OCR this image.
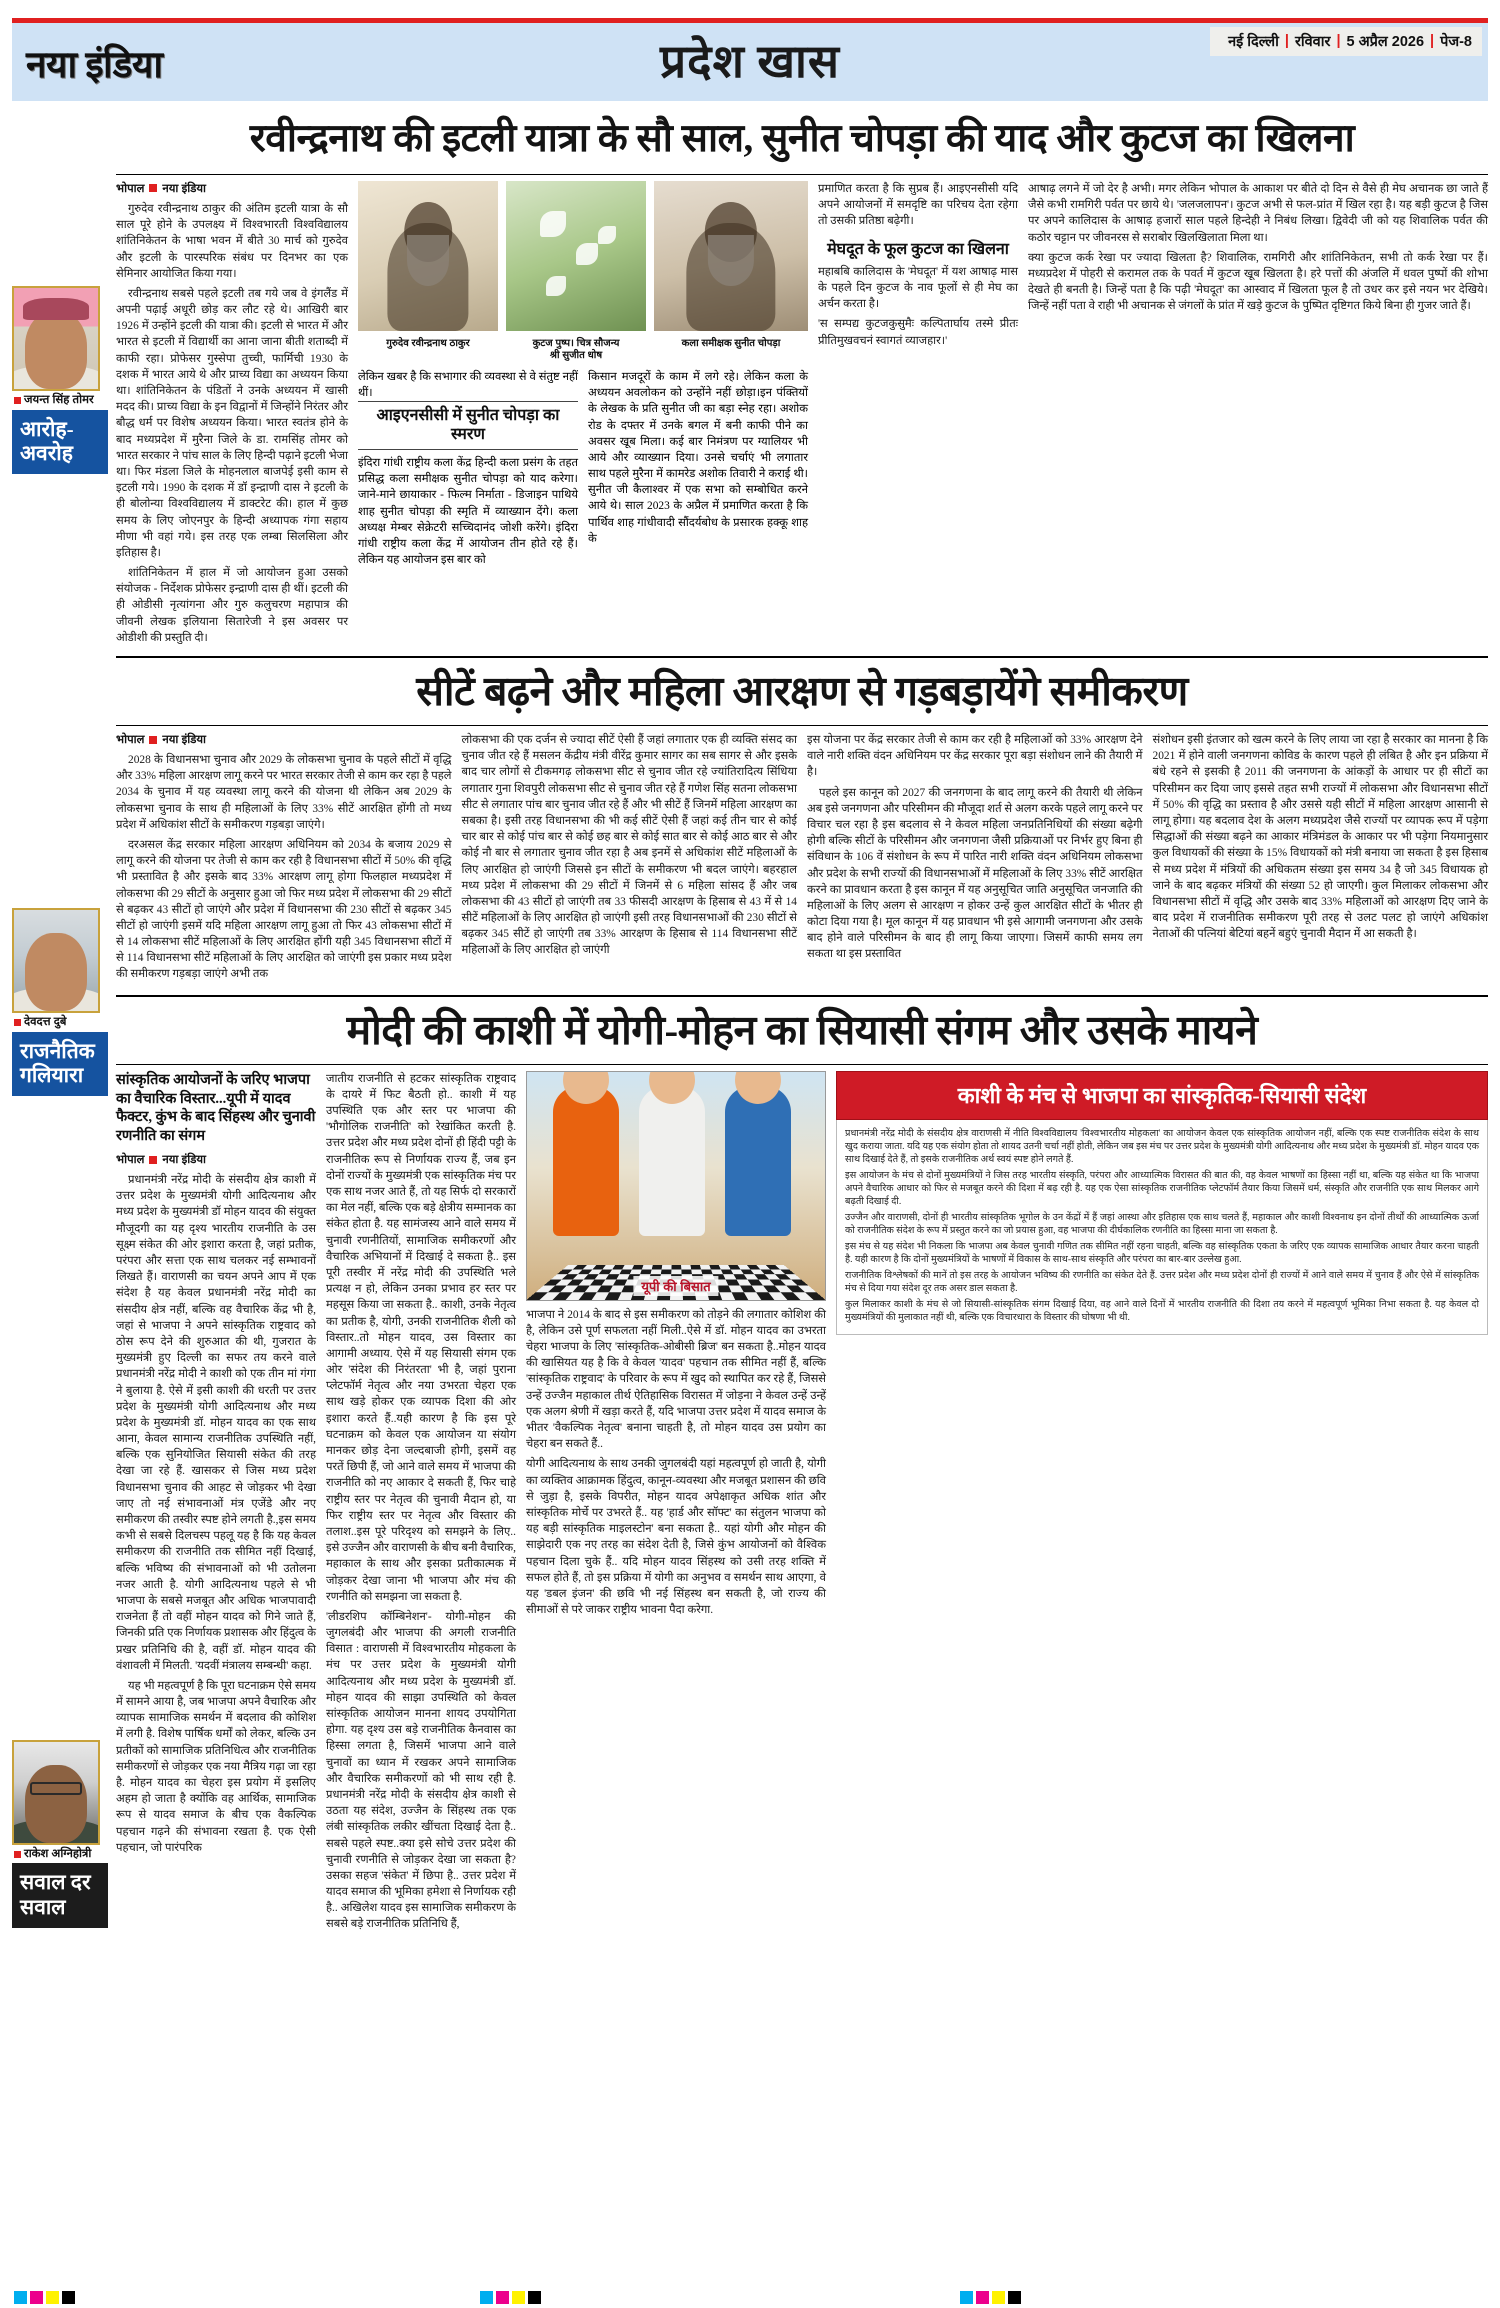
नया इंडिया	प्रदेश खास	नई दिल्ली | रविवार | 5 अप्रैल 2026 | पेज-8
जयन्त सिंह तोमर
आरोह-
अवरोह
देवदत्त दुबे
राजनैतिक
गलियारा
राकेश अग्निहोत्री
सवाल दर
सवाल
रवीन्द्रनाथ की इटली यात्रा के सौ साल, सुनीत चोपड़ा की याद और कुटज का खिलना
भोपाल नया इंडिया

गुरुदेव रवीन्द्रनाथ ठाकुर की अंतिम इटली यात्रा के सौ साल पूरे होने के उपलक्ष्य में विश्वभारती विश्वविद्यालय शांतिनिकेतन के भाषा भवन में बीते 30 मार्च को गुरुदेव और इटली के पारस्परिक संबंध पर दिनभर का एक सेमिनार आयोजित किया गया।

रवीन्द्रनाथ सबसे पहले इटली तब गये जब वे इंगलैंड में अपनी पढ़ाई अधूरी छोड़ कर लौट रहे थे। आखिरी बार 1926 में उन्होंने इटली की यात्रा की। इटली से भारत में और भारत से इटली में विद्यार्थी का आना जाना बीती शताब्दी में काफी रहा। प्रोफेसर गुस्सेपा तुच्ची, फार्मिची 1930 के दशक में भारत आये थे और प्राच्य विद्या का अध्ययन किया था। शांतिनिकेतन के पंडितों ने उनके अध्ययन में खासी मदद की। प्राच्य विद्या के इन विद्वानों में जिन्होंने निरंतर और बौद्ध धर्म पर विशेष अध्ययन किया। भारत स्वतंत्र होने के बाद मध्यप्रदेश में मुरैना जिले के डा. रामसिंह तोमर को भारत सरकार ने पांच साल के लिए हिन्दी पढ़ाने इटली भेजा था। फिर मंडला जिले के मोहनलाल बाजपेई इसी काम से इटली गये। 1990 के दशक में डॉ इन्द्राणी दास ने इटली के ही बोलोन्या विश्वविद्यालय में डाक्टरेट की। हाल में कुछ समय के लिए जोएनपुर के हिन्दी अध्यापक गंगा सहाय मीणा भी वहां गये। इस तरह एक लम्बा सिलसिला और इतिहास है।

शांतिनिकेतन में हाल में जो आयोजन हुआ उसको संयोजक - निर्देशक प्रोफेसर इन्द्राणी दास ही थीं। इटली की ही ओडीसी नृत्यांगना और गुरु कलुचरण महापात्र की जीवनी लेखक इलियाना सितारेजी ने इस अवसर पर ओडीशी की प्रस्तुति दी।

गुरुदेव रवीन्द्रनाथ ठाकुर	कुटज पुष्प। चित्र सौजन्य
श्री सुजीत धोष
कला समीक्षक सुनीत चोपड़ा

लेकिन खबर है कि सभागार की व्यवस्था से वे संतुष्ट नहीं थीं।

आइएनसीसी में सुनीत चोपड़ा का स्मरण

इंदिरा गांधी राष्ट्रीय कला केंद्र हिन्दी कला प्रसंग के तहत प्रसिद्ध कला समीक्षक सुनीत चोपड़ा को याद करेगा। जाने-माने छायाकार - फिल्म निर्माता - डिजाइन पाथिये शाह सुनीत चोपड़ा की स्मृति में व्याख्यान देंगे। कला अध्यक्ष मेम्बर सेक्रेटरी सच्चिदानंद जोशी करेंगे। इंदिरा गांधी राष्ट्रीय कला केंद्र में आयोजन तीन होते रहे हैं। लेकिन यह आयोजन इस बार को

किसान मजदूरों के काम में लगे रहे। लेकिन कला के अध्ययन अवलोकन को उन्होंने नहीं छोड़ा।इन पंक्तियों के लेखक के प्रति सुनीत जी का बड़ा स्नेह रहा। अशोक रोड के दफ्तर में उनके बगल में बनी काफी पीने का अवसर खूब मिला। कई बार निमंत्रण पर ग्यालियर भी आये और व्याख्यान दिया। उनसे चर्चाएं भी लगातार साथ पहले मुरैना में कामरेड अशोक तिवारी ने कराई थी। सुनीत जी कैलाश्वर में एक सभा को सम्बोधित करने आये थे। साल 2023 के अप्रैल में प्रमाणित करता है कि पार्थिव शाह गांधीवादी सौंदर्यबोध के प्रसारक हक्कू शाह के

प्रमाणित करता है कि सुप्रब हैं। आइएनसीसी यदि अपने आयोजनों में समदृष्टि का परिचय देता रहेगा तो उसकी प्रतिष्ठा बढ़ेगी।

मेघदूत के फूल कुटज का खिलना

महाबबि कालिदास के 'मेघदूत' में यश आषाढ़ मास के पहले दिन कुटज के नाव फूलों से ही मेघ का अर्चन करता है।

'स सम्पद्य कुटजकुसुमैः कल्पितार्घाय तस्मे प्रीतः प्रीतिमुखवचनं स्वागतं व्याजहार।'

आषाढ़ लगने में जो देर है अभी। मगर लेकिन भोपाल के आकाश पर बीते दो दिन से वैसे ही मेघ अचानक छा जाते हैं जैसे कभी रामगिरी पर्वत पर छाये थे। 'जलजलापन'। कुटज अभी से फल-प्रांत में खिल रहा है। यह बड़ी कुटज है जिस पर अपने कालिदास के आषाढ़ हजारों साल पहले हिन्देही ने निबंध लिखा। द्विवेदी जी को यह शिवालिक पर्वत की कठोर चट्टान पर जीवनरस से सराबोर खिलखिलाता मिला था।

क्या कुटज कर्क रेखा पर ज्यादा खिलता है? शिवालिक, रामगिरी और शांतिनिकेतन, सभी तो कर्क रेखा पर हैं। मध्यप्रदेश में पोहरी से करामल तक के पवर्त में कुटज खूब खिलता है। हरे पत्तों की अंजलि में धवल पुष्पों की शोभा देखते ही बनती है। जिन्हें पता है कि पढ़ी 'मेघदूत' का आस्वाद में खिलता फूल है तो उधर कर इसे नयन भर देखिये। जिन्हें नहीं पता वे राही भी अचानक से जंगलों के प्रांत में खड़े कुटज के पुष्पित दृष्टिगत किये बिना ही गुजर जाते हैं।

सीटें बढ़ने और महिला आरक्षण से गड़बड़ायेंगे समीकरण
भोपाल नया इंडिया

2028 के विधानसभा चुनाव और 2029 के लोकसभा चुनाव के पहले सीटों में वृद्धि और 33% महिला आरक्षण लागू करने पर भारत सरकार तेजी से काम कर रहा है पहले 2034 के चुनाव में यह व्यवस्था लागू करने की योजना थी लेकिन अब 2029 के लोकसभा चुनाव के साथ ही महिलाओं के लिए 33% सीटें आरक्षित होंगी तो मध्य प्रदेश में अधिकांश सीटों के समीकरण गड़बड़ा जाएंगे।

दरअसल केंद्र सरकार महिला आरक्षण अधिनियम को 2034 के बजाय 2029 से लागू करने की योजना पर तेजी से काम कर रही है विधानसभा सीटों में 50% की वृद्धि भी प्रस्तावित है और इसके बाद 33% आरक्षण लागू होगा फिलहाल मध्यप्रदेश में लोकसभा की 29 सीटों के अनुसार हुआ जो फिर मध्य प्रदेश में लोकसभा की 29 सीटों से बढ़कर 43 सीटों हो जाएंगे और प्रदेश में विधानसभा की 230 सीटों से बढ़कर 345 सीटों हो जाएंगी इसमें यदि महिला आरक्षण लागू हुआ तो फिर 43 लोकसभा सीटों में से 14 लोकसभा सीटें महिलाओं के लिए आरक्षित होंगी यही 345 विधानसभा सीटों में से 114 विधानसभा सीटें महिलाओं के लिए आरक्षित को जाएंगी इस प्रकार मध्य प्रदेश की समीकरण गड़बड़ा जाएंगे अभी तक

लोकसभा की एक दर्जन से ज्यादा सीटें ऐसी हैं जहां लगातार एक ही व्यक्ति संसद का चुनाव जीत रहे हैं मसलन केंद्रीय मंत्री वीरेंद्र कुमार सागर का सब सागर से और इसके बाद चार लोगों से टीकमगढ़ लोकसभा सीट से चुनाव जीत रहे ज्यांतिरादित्य सिंधिया लगातार गुना शिवपुरी लोकसभा सीट से चुनाव जीत रहे हैं गणेश सिंह सतना लोकसभा सीट से लगातार पांच बार चुनाव जीत रहे हैं और भी सीटें हैं जिनमें महिला आरक्षण का सबका है। इसी तरह विधानसभा की भी कई सीटें ऐसी हैं जहां कई तीन चार से कोई चार बार से कोई पांच बार से कोई छह बार से कोई सात बार से कोई आठ बार से और कोई नौ बार से लगातार चुनाव जीत रहा है अब इनमें से अधिकांश सीटें महिलाओं के लिए आरक्षित हो जाएंगी जिससे इन सीटों के समीकरण भी बदल जाएंगे। बहरहाल मध्य प्रदेश में लोकसभा की 29 सीटों में जिनमें से 6 महिला सांसद हैं और जब लोकसभा की 43 सीटों हो जाएंगी तब 33 फीसदी आरक्षण के हिसाब से 43 में से 14 सीटें महिलाओं के लिए आरक्षित हो जाएंगी इसी तरह विधानसभाओं की 230 सीटों से बढ़कर 345 सीटें हो जाएंगी तब 33% आरक्षण के हिसाब से 114 विधानसभा सीटें महिलाओं के लिए आरक्षित हो जाएंगी

इस योजना पर केंद्र सरकार तेजी से काम कर रही है महिलाओं को 33% आरक्षण देने वाले नारी शक्ति वंदन अधिनियम पर केंद्र सरकार पूरा बड़ा संशोधन लाने की तैयारी में है।

पहले इस कानून को 2027 की जनगणना के बाद लागू करने की तैयारी थी लेकिन अब इसे जनगणना और परिसीमन की मौजूदा शर्त से अलग करके पहले लागू करने पर विचार चल रहा है इस बदलाव से ने केवल महिला जनप्रतिनिधियों की संख्या बढ़ेगी होगी बल्कि सीटों के परिसीमन और जनगणना जैसी प्रक्रियाओं पर निर्भर हुए बिना ही संविधान के 106 वें संशोधन के रूप में पारित नारी शक्ति वंदन अधिनियम लोकसभा और प्रदेश के सभी राज्यों की विधानसभाओं में महिलाओं के लिए 33% सीटें आरक्षित करने का प्रावधान करता है इस कानून में यह अनुसूचित जाति अनुसूचित जनजाति की महिलाओं के लिए अलग से आरक्षण न होकर उन्हें कुल आरक्षित सीटों के भीतर ही कोटा दिया गया है। मूल कानून में यह प्रावधान भी इसे आगामी जनगणना और उसके बाद होने वाले परिसीमन के बाद ही लागू किया जाएगा। जिसमें काफी समय लग सकता था इस प्रस्तावित

संशोधन इसी इंतजार को खत्म करने के लिए लाया जा रहा है सरकार का मानना है कि 2021 में होने वाली जनगणना कोविड के कारण पहले ही लंबित है और इन प्रक्रिया में बंधे रहने से इसकी है 2011 की जनगणना के आंकड़ों के आधार पर ही सीटों का परिसीमन कर दिया जाए इससे तहत सभी राज्यों में लोकसभा और विधानसभा सीटों में 50% की वृद्धि का प्रस्ताव है और उससे यही सीटों में महिला आरक्षण आसानी से लागू होगा। यह बदलाव देश के अलग मध्यप्रदेश जैसे राज्यों पर व्यापक रूप में पड़ेगा सिद्धाओं की संख्या बढ़ने का आकार मंत्रिमंडल के आकार पर भी पड़ेगा नियमानुसार कुल विधायकों की संख्या के 15% विधायकों को मंत्री बनाया जा सकता है इस हिसाब से मध्य प्रदेश में मंत्रियों की अधिकतम संख्या इस समय 34 है जो 345 विधायक हो जाने के बाद बढ़कर मंत्रियों की संख्या 52 हो जाएगी। कुल मिलाकर लोकसभा और विधानसभा सीटों में वृद्धि और उसके बाद 33% महिलाओं को आरक्षण दिए जाने के बाद प्रदेश में राजनीतिक समीकरण पूरी तरह से उलट पलट हो जाएंगे अधिकांश नेताओं की पत्नियां बेटियां बहनें बहुएं चुनावी मैदान में आ सकती है।

मोदी की काशी में योगी-मोहन का सियासी संगम और उसके मायने
सांस्कृतिक आयोजनों के जरिए भाजपा का वैचारिक विस्तार...यूपी में यादव फैक्टर, कुंभ के बाद सिंहस्थ और चुनावी रणनीति का संगम
भोपाल नया इंडिया

प्रधानमंत्री नरेंद्र मोदी के संसदीय क्षेत्र काशी में उत्तर प्रदेश के मुख्यमंत्री योगी आदित्यनाथ और मध्य प्रदेश के मुख्यमंत्री डॉ मोहन यादव की संयुक्त मौजूदगी का यह दृश्य भारतीय राजनीति के उस सूक्ष्म संकेत की ओर इशारा करता है, जहां प्रतीक, परंपरा और सत्ता एक साथ चलकर नई सम्भावनों लिखते हैं। वाराणसी का चयन अपने आप में एक संदेश है यह केवल प्रधानमंत्री नरेंद्र मोदी का संसदीय क्षेत्र नहीं, बल्कि वह वैचारिक केंद्र भी है, जहां से भाजपा ने अपने सांस्कृतिक राष्ट्रवाद को ठोस रूप देने की शुरुआत की थी, गुजरात के मुख्यमंत्री हुए दिल्ली का सफर तय करने वाले प्रधानमंत्री नरेंद्र मोदी ने काशी को एक तीन मां गंगा ने बुलाया है. ऐसे में इसी काशी की धरती पर उत्तर प्रदेश के मुख्यमंत्री योगी आदित्यनाथ और मध्य प्रदेश के मुख्यमंत्री डॉ. मोहन यादव का एक साथ आना, केवल सामान्य राजनीतिक उपस्थिति नहीं, बल्कि एक सुनियोजित सियासी संकेत की तरह देखा जा रहे हैं. खासकर से जिस मध्य प्रदेश विधानसभा चुनाव की आहट से जोड़कर भी देखा जाए तो नई संभावनाओं मंत्र एजेंडे और नए समीकरण की तस्वीर स्पष्ट होने लगती है.,इस समय कभी से सबसे दिलचस्प पहलू यह है कि यह केवल समीकरण की राजनीति तक सीमित नहीं दिखाई, बल्कि भविष्य की संभावनाओं को भी उतोलना नजर आती है. योगी आदित्यनाथ पहले से भी भाजपा के सबसे मजबूत और अधिक भाजपावादी राजनेता हैं तो वहीं मोहन यादव को गिने जाते हैं, जिनकी प्रति एक निर्णायक प्रशासक और हिंदुत्व के प्रखर प्रतिनिधि की है, वहीं डॉ. मोहन यादव की वंशावली में मिलती. 'यदवीं मंत्रालय सम्बन्धी' कहा.

यह भी महत्वपूर्ण है कि पूरा घटनाक्रम ऐसे समय में सामने आया है, जब भाजपा अपने वैचारिक और व्यापक सामाजिक समर्थन में बदलाव की कोशिश में लगी है. विशेष पार्षिक धर्मों को लेकर, बल्कि उन प्रतीकों को सामाजिक प्रतिनिधित्व और राजनीतिक समीकरणों से जोड़कर एक नया मैत्रिय गढ़ा जा रहा है. मोहन यादव का चेहरा इस प्रयोग में इसलिए अहम हो जाता है क्योंकि वह आर्थिक, सामाजिक रूप से यादव समाज के बीच एक वैकल्पिक पहचान गढ़ने की संभावना रखता है. एक ऐसी पहचान, जो पारंपरिक

जातीय राजनीति से हटकर सांस्कृतिक राष्ट्रवाद के दायरे में फिट बैठती हो.. काशी में यह उपस्थिति एक और स्तर पर भाजपा की 'भौगोलिक राजनीति' को रेखांकित करती है. उत्तर प्रदेश और मध्य प्रदेश दोनों ही हिंदी पट्टी के राजनीतिक रूप से निर्णायक राज्य हैं, जब इन दोनों राज्यों के मुख्यमंत्री एक सांस्कृतिक मंच पर एक साथ नजर आते हैं, तो यह सिर्फ दो सरकारों का मेल नहीं, बल्कि एक बड़े क्षेत्रीय सम्मानक का संकेत होता है. यह सामंजस्य आने वाले समय में चुनावी रणनीतियों, सामाजिक समीकरणों और वैचारिक अभियानों में दिखाई दे सकता है.. इस पूरी तस्वीर में नरेंद्र मोदी की उपस्थिति भले प्रत्यक्ष न हो, लेकिन उनका प्रभाव हर स्तर पर महसूस किया जा सकता है.. काशी, उनके नेतृत्व का प्रतीक है, योगी, उनकी राजनीतिक शैली को विस्तार..तो मोहन यादव, उस विस्तार का आगामी अध्याय. ऐसे में यह सियासी संगम एक ओर 'संदेश की निरंतरता' भी है, जहां पुराना प्लेटफॉर्म नेतृत्व और नया उभरता चेहरा एक साथ खड़े होकर एक व्यापक दिशा की ओर इशारा करते हैं..यही कारण है कि इस पूरे घटनाक्रम को केवल एक आयोजन या संयोग मानकर छोड़ देना जल्दबाजी होगी, इसमें वह परतें छिपी हैं, जो आने वाले समय में भाजपा की राजनीति को नए आकार दे सकती हैं, फिर चाहे राष्ट्रीय स्तर पर नेतृत्व की चुनावी मैदान हो, या फिर राष्ट्रीय स्तर पर नेतृत्व और विस्तार की तलाश..इस पूरे परिदृश्य को समझने के लिए.. इसे उज्जैन और वाराणसी के बीच बनी वैचारिक, महाकाल के साथ और इसका प्रतीकात्मक में जोड़कर देखा जाना भी भाजपा और मंच की रणनीति को समझना जा सकता है.

'लीडरशिप कॉम्बिनेशन'- योगी-मोहन की जुगलबंदी और भाजपा की अगली राजनीति विसात : वाराणसी में विश्वभारतीय मोहकला के मंच पर उत्तर प्रदेश के मुख्यमंत्री योगी आदित्यनाथ और मध्य प्रदेश के मुख्यमंत्री डॉ. मोहन यादव की साझा उपस्थिति को केवल सांस्कृतिक आयोजन मानना शायद उपयोगिता होगा. यह दृश्य उस बड़े राजनीतिक कैनवास का हिस्सा लगता है, जिसमें भाजपा आने वाले चुनावों का ध्यान में रखकर अपने सामाजिक और वैचारिक समीकरणों को भी साथ रही है. प्रधानमंत्री नरेंद्र मोदी के संसदीय क्षेत्र काशी से उठता यह संदेश, उज्जैन के सिंहस्थ तक एक लंबी सांस्कृतिक लकीर खींचता दिखाई देता है.. सबसे पहले स्पष्ट..क्या इसे सोचे उत्तर प्रदेश की चुनावी रणनीति से जोड़कर देखा जा सकता है? उसका सहज 'संकेत' में छिपा है.. उत्तर प्रदेश में यादव समाज की भूमिका हमेशा से निर्णायक रही है.. अखिलेश यादव इस सामाजिक समीकरण के सबसे बड़े राजनीतिक प्रतिनिधि हैं,

यूपी की बिसात

भाजपा ने 2014 के बाद से इस समीकरण को तोड़ने की लगातार कोशिश की है, लेकिन उसे पूर्ण सफलता नहीं मिली..ऐसे में डॉ. मोहन यादव का उभरता चेहरा भाजपा के लिए 'सांस्कृतिक-ओबीसी ब्रिज' बन सकता है..मोहन यादव की खासियत यह है कि वे केवल 'यादव' पहचान तक सीमित नहीं हैं, बल्कि 'सांस्कृतिक राष्ट्रवाद' के परिवार के रूप में खुद को स्थापित कर रहे हैं, जिससे उन्हें उज्जैन महाकाल तीर्थ ऐतिहासिक विरासत में जोड़ना ने केवल उन्हें उन्हें एक अलग श्रेणी में खड़ा करते हैं, यदि भाजपा उत्तर प्रदेश में यादव समाज के भीतर 'वैकल्पिक नेतृत्व' बनाना चाहती है, तो मोहन यादव उस प्रयोग का चेहरा बन सकते हैं..

योगी आदित्यनाथ के साथ उनकी जुगलबंदी यहां महत्वपूर्ण हो जाती है, योगी का व्यक्तिव आक्रामक हिंदुत्व, कानून-व्यवस्था और मजबूत प्रशासन की छवि से जुड़ा है, इसके विपरीत, मोहन यादव अपेक्षाकृत अधिक शांत और सांस्कृतिक मोर्चे पर उभरते हैं.. यह 'हार्ड और सॉफ्ट' का संतुलन भाजपा को यह बड़ी सांस्कृतिक माइलस्टोन' बना सकता है.. यहां योगी और मोहन की साझेदारी एक नए तरह का संदेश देती है, जिसे कुंभ आयोजनों को वैश्विक पहचान दिला चुके हैं.. यदि मोहन यादव सिंहस्थ को उसी तरह शक्ति में सफल होते हैं, तो इस प्रक्रिया में योगी का अनुभव व समर्थन साथ आएगा, वे यह 'डबल इंजन' की छवि भी नई सिंहस्थ बन सकती है, जो राज्य की सीमाओं से परे जाकर राष्ट्रीय भावना पैदा करेगा.

काशी के मंच से भाजपा का सांस्कृतिक-सियासी संदेश

प्रधानमंत्री नरेंद्र मोदी के संसदीय क्षेत्र वाराणसी में नीति विश्वविद्यालय 'विश्वभारतीय मोहकला' का आयोजन केवल एक सांस्कृतिक आयोजन नहीं, बल्कि एक स्पष्ट राजनीतिक संदेश के साथ खुद कराया जाता. यदि यह एक संयोग होता तो शायद उतनी चर्चा नहीं होती, लेकिन जब इस मंच पर उत्तर प्रदेश के मुख्यमंत्री योगी आदित्यनाथ और मध्य प्रदेश के मुख्यमंत्री डॉ. मोहन यादव एक साथ दिखाई देते हैं, तो इसके राजनीतिक अर्थ स्वयं स्पष्ट होने लगते हैं.

इस आयोजन के मंच से दोनों मुख्यमंत्रियों ने जिस तरह भारतीय संस्कृति, परंपरा और आध्यात्मिक विरासत की बात की, वह केवल भाषणों का हिस्सा नहीं था, बल्कि यह संकेत था कि भाजपा अपने वैचारिक आधार को फिर से मजबूत करने की दिशा में बढ़ रही है. यह एक ऐसा सांस्कृतिक राजनीतिक प्लेटफॉर्म तैयार किया जिसमें धर्म, संस्कृति और राजनीति एक साथ मिलकर आगे बढ़ती दिखाई दी.

उज्जैन और वाराणसी, दोनों ही भारतीय सांस्कृतिक भूगोल के उन केंद्रों में हैं जहां आस्था और इतिहास एक साथ चलते हैं, महाकाल और काशी विश्वनाथ इन दोनों तीर्थों की आध्यात्मिक ऊर्जा को राजनीतिक संदेश के रूप में प्रस्तुत करने का जो प्रयास हुआ, वह भाजपा की दीर्घकालिक रणनीति का हिस्सा माना जा सकता है.

इस मंच से यह संदेश भी निकला कि भाजपा अब केवल चुनावी गणित तक सीमित नहीं रहना चाहती, बल्कि वह सांस्कृतिक एकता के जरिए एक व्यापक सामाजिक आधार तैयार करना चाहती है. यही कारण है कि दोनों मुख्यमंत्रियों के भाषणों में विकास के साथ-साथ संस्कृति और परंपरा का बार-बार उल्लेख हुआ.

राजनीतिक विश्लेषकों की मानें तो इस तरह के आयोजन भविष्य की रणनीति का संकेत देते हैं. उत्तर प्रदेश और मध्य प्रदेश दोनों ही राज्यों में आने वाले समय में चुनाव हैं और ऐसे में सांस्कृतिक मंच से दिया गया संदेश दूर तक असर डाल सकता है.

कुल मिलाकर काशी के मंच से जो सियासी-सांस्कृतिक संगम दिखाई दिया, वह आने वाले दिनों में भारतीय राजनीति की दिशा तय करने में महत्वपूर्ण भूमिका निभा सकता है. यह केवल दो मुख्यमंत्रियों की मुलाकात नहीं थी, बल्कि एक विचारधारा के विस्तार की घोषणा भी थी.
